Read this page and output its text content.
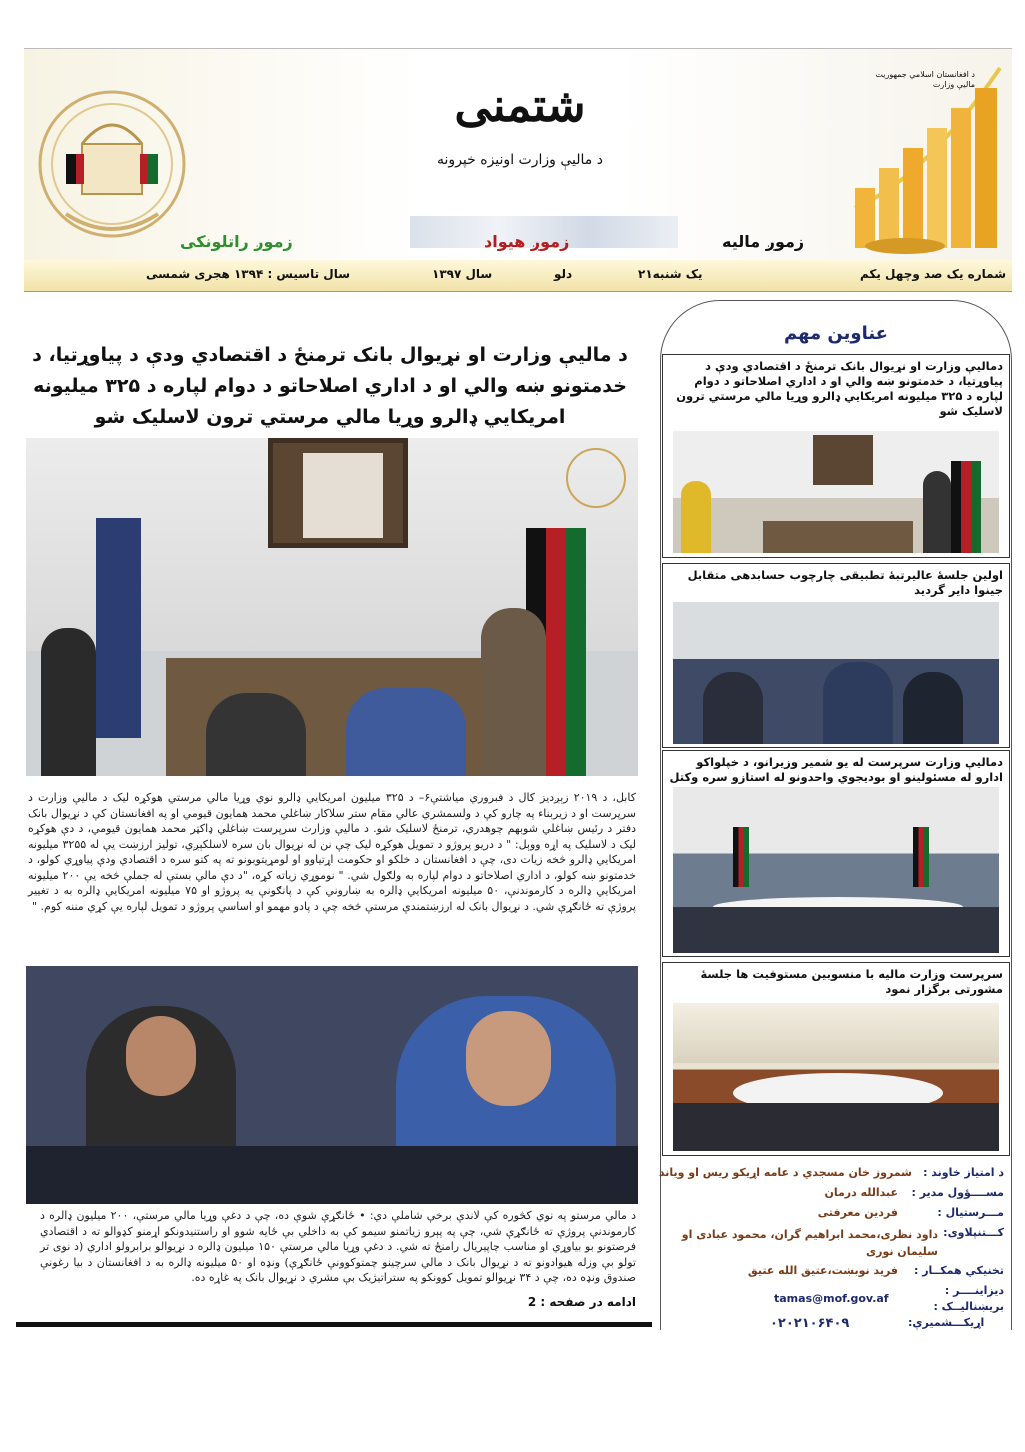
شتمنی
د مالیې وزارت اونیزه خپرونه
د افغانستان اسلامي جمهوریت مالیې وزارت
زموږ مالیه
زموږ هیواد
زموږ راتلونکی
شماره یک صد وچهل یکم
یک شنبه۲۱
دلو
سال ۱۳۹۷
سال تاسیس : ۱۳۹۴ هجری شمسی
د مالیې وزارت او نړیوال بانک ترمنځ د اقتصادي ودې د پیاوړتیا، د خدمتونو ښه والي او د اداري اصلاحاتو د دوام لپاره د ۳۲۵ میلیونه امریکایي ډالرو وړیا مالي مرستي ترون لاسلیک شو
کابل، د ۲۰۱۹ زېږدیز کال د فبروري میاشتې۶– د ۳۲۵ میلیون امریکایي ډالرو نوي وړیا مالي مرستي هوکړه لیک د مالیې وزارت د سرپرست او د زیربناء په چارو کې د ولسمشري عالي مقام ستر سلاکار ښاغلي محمد همایون قیومي او په افغانستان کې د نړیوال بانک دفتر د رئیس ښاغلي شوبهم چوهدري، ترمنځ لاسلیک شو. د مالیې وزارت سرپرست ښاغلي ډاکټر محمد همایون قیومي، د دې هوکړه لیک د لاسلیک په اړه ووېل: " د دریو پروژو د تمویل هوکړه لیک چې نن له نړیوال بان سره لاسلکېږي، تولیز ارزښت یې له ۳۲۵۵ میلیونه امریکایي ډالرو څخه زیات دی، چې د افغانستان د خلکو او حکومت اړتیاوو او لومړیتوبونو ته په کتو سره د اقتصادي ودې پیاوړي کولو، د خدمتونو ښه کولو، د اداري اصلاحاتو د دوام لپاره به ولګول شي. " نوموړي زیاته کړه، "د دې مالي بستې له جملې څخه یې ۲۰۰ میلیونه امریکایي ډالره د کارموندنې، ۵۰ میلیونه امریکایي ډالره به ښاروني کې د پانګونې یه پروژو او ۷۵ میلیونه امریکایي ډالره به د تغییر پروژې ته ځانګړې شي. د نړیوال بانک له ارزښتمندې مرستې څخه چې د پادو مهمو او اساسي پروژو د تمویل لپاره یې کړي مننه کوم. "
د مالي مرستو په نوي کڅوره کې لاندې برخې شاملې دي: • ځانګړې شوې ده، چې د دغې وړیا مالي مرستې، ۲۰۰ میلیون ډالره د کارموندنې پروژې ته ځانګړې شي، چې په پېرو زیاتمنو سیمو کې به داخلي بې ځایه شوو او راستنیدونکو اړمنو کډوالو ته د اقتصادي فرصتونو بو بیاوړي او مناسب چاپیریال رامنځ ته شي. د دغې وړیا مالي مرستې ۱۵۰ میلیون ډالره د نړیوالو برابرولو اداري (د نوی تر تولو بې وزله هیوادونو ته د نړیوال بانک د مالي سرچینو چمتوکوونې ځانګړې) ونډه او ۵۰ میلیونه ډالره به د افغانستان د بیا رغونې صندوق ونډه ده، چې د ۳۴ نړیوالو تمویل کوونکو په ستراتیژیک بې مشري د نړیوال بانک په غاړه ده.
ادامه در صفحه : 2
عناوین مهم
دمالیې وزارت او نړیوال بانک ترمنځ د اقتصادي ودې د پیاوړتیا، د خدمتونو ښه والي او د اداري اصلاحاتو د دوام لپاره د ۳۲۵ میلیونه امریکایي ډالرو وړیا مالي مرستي ترون لاسلیک شو
اولین جلسۀ عالیرتبۀ تطبیقی چارچوب حسابدهی متقابل جینوا دایر گردید
دمالیې وزارت سرپرست له یو شمیر وزیرانو، د خپلواکو ادارو له مسئولینو او بودیجوي واحدونو له استازو سره وکتل
سرپرست وزارت مالیه با منسوبین مستوفیت ها جلسۀ مشورتی برگزار نمود
د امتیاز خاوند :
شمروز خان مسجدي د عامه اړیکو ریس او ویاند
مســــؤول مدیر :
عبدالله درمان
مـــرستیال :
فردین معرفتی
کـــتنپلاوی:
داود نظری،محمد ابراهیم گران، محمود عبادی او سلیمان نوری
تخنیکي همکــار :
فرید نوبښت،عتیق الله عتیق
دیزاینــــر :
بریښنالیــک :
tamas@mof.gov.af
اړیکـــشمیرې:
۰۲۰۲۱۰۶۴۰۹
